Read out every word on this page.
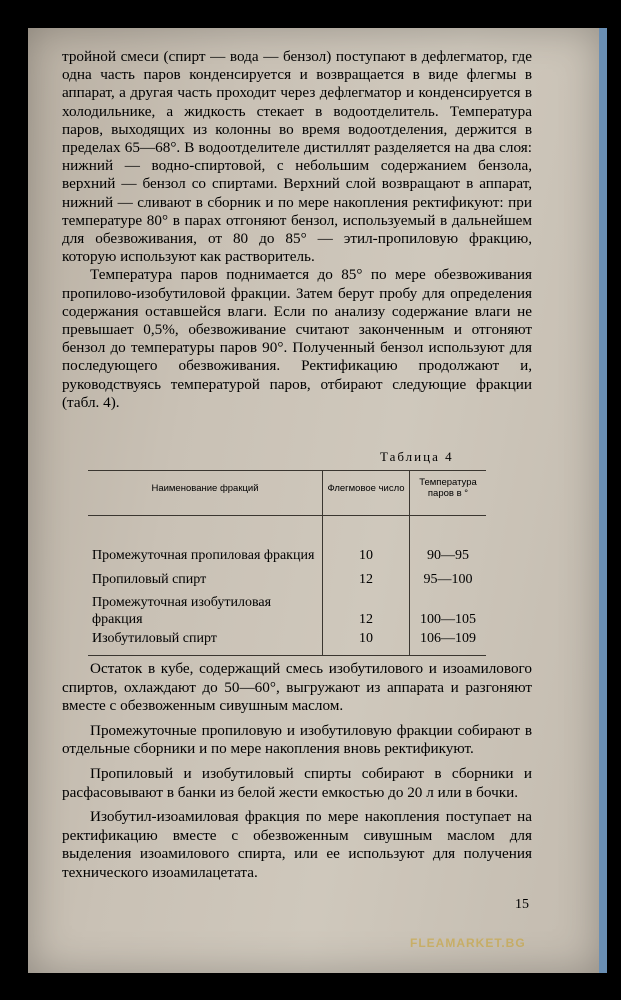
тройной смеси (спирт — вода — бензол) поступают в дефлегматор, где одна часть паров конденсируется и возвращается в виде флегмы в аппарат, а другая часть проходит через дефлегматор и конденсируется в холодильнике, а жидкость стекает в водоотделитель. Температура паров, выходящих из колонны во время водоотделения, держится в пределах 65—68°. В водоотделителе дистиллят разделяется на два слоя: нижний — водно-спиртовой, с небольшим содержанием бензола, верхний — бензол со спиртами. Верхний слой возвращают в аппарат, нижний — сливают в сборник и по мере накопления ректификуют: при температуре 80° в парах отгоняют бензол, используемый в дальнейшем для обезвоживания, от 80 до 85° — этил-пропиловую фракцию, которую используют как растворитель.

Температура паров поднимается до 85° по мере обезвоживания пропилово-изобутиловой фракции. Затем берут пробу для определения содержания оставшейся влаги. Если по анализу содержание влаги не превышает 0,5%, обезвоживание считают законченным и отгоняют бензол до температуры паров 90°. Полученный бензол используют для последующего обезвоживания. Ректификацию продолжают и, руководствуясь температурой паров, отбирают следующие фракции (табл. 4).

Таблица 4
Наименование фракций	Флегмовое число	Температура паров в °
Промежуточная пропиловая фракция	10	90—95
Пропиловый спирт	12	95—100
Промежуточная изобутиловая фракция	12	100—105
Изобутиловый спирт	10	106—109

Остаток в кубе, содержащий смесь изобутилового и изоамилового спиртов, охлаждают до 50—60°, выгружают из аппарата и разгоняют вместе с обезвоженным сивушным маслом.

Промежуточные пропиловую и изобутиловую фракции собирают в отдельные сборники и по мере накопления вновь ректификуют.

Пропиловый и изобутиловый спирты собирают в сборники и расфасовывают в банки из белой жести емкостью до 20 л или в бочки.

Изобутил-изоамиловая фракция по мере накопления поступает на ректификацию вместе с обезвоженным сивушным маслом для выделения изоамилового спирта, или ее используют для получения технического изоамилацетата.

15
FLEAMARKET.BG
